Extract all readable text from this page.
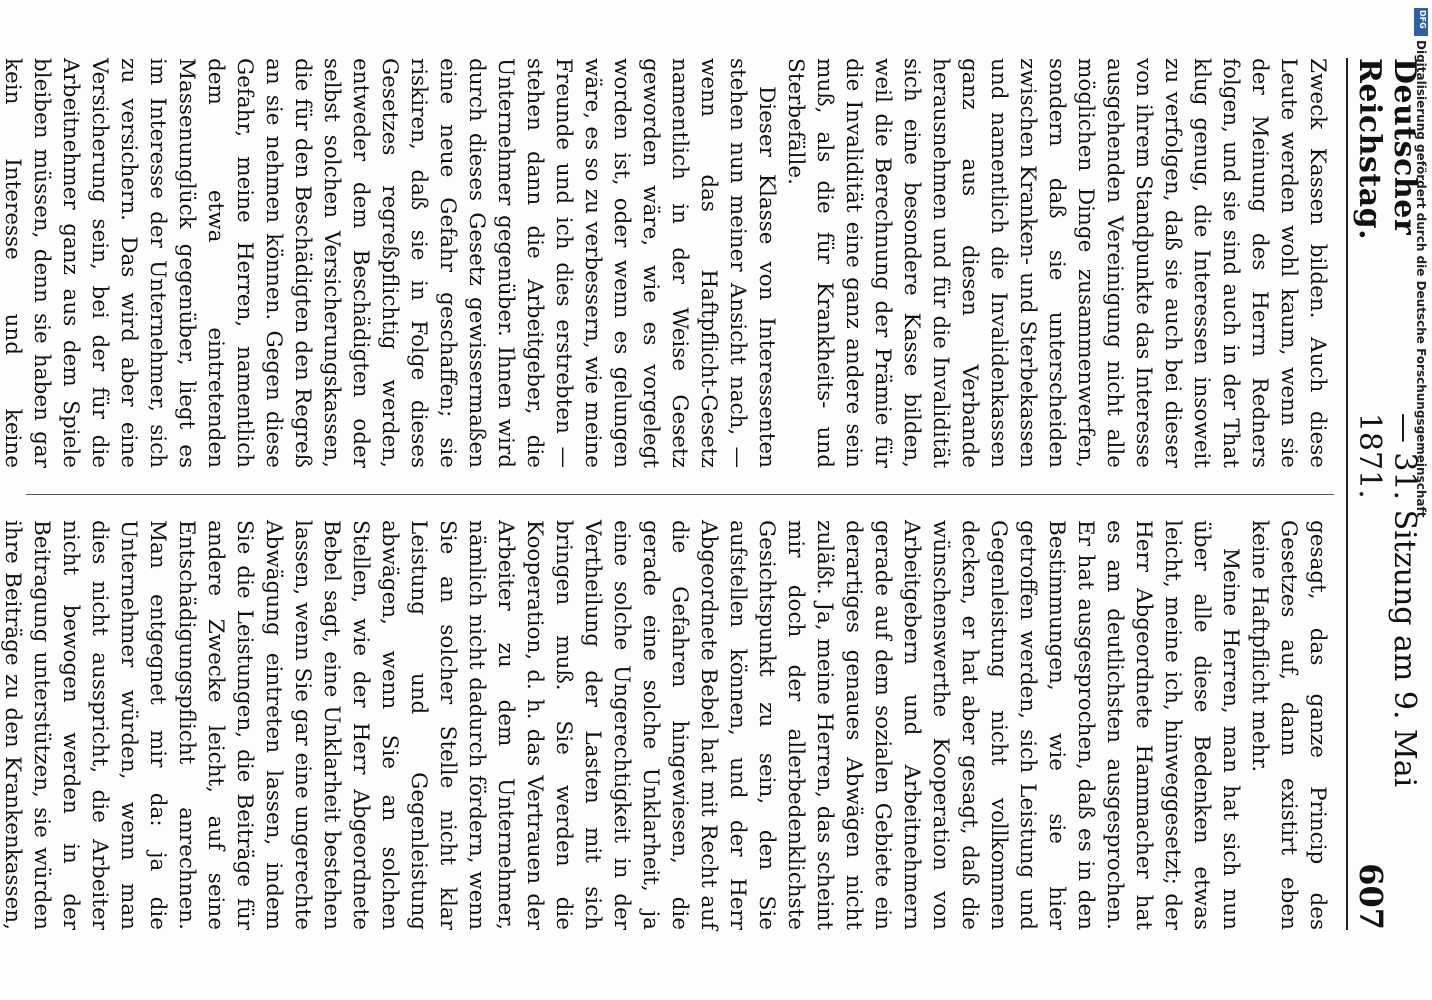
Deutscher Reichstag.
— 31. Sitzung am 9. Mai 1871.
607

Zweck Kassen bilden. Auch diese Leute werden wohl kaum, wenn sie der Meinung des Herrn Redners folgen, und sie sind auch in der That klug genug, die Interessen insoweit zu verfolgen, daß sie auch bei dieser von ihrem Standpunkte das Interesse ausgehenden Vereinigung nicht alle möglichen Dinge zusammenwerfen, sondern daß sie unterscheiden zwischen Kranken- und Sterbekassen und namentlich die Invalidenkassen ganz aus diesen Verbande herausnehmen und für die Invalidität sich eine besondere Kasse bilden, weil die Berechnung der Prämie für die Invalidität eine ganz andere sein muß, als die für Krankheits- und Sterbefälle.

Dieser Klasse von Interessenten stehen nun meiner Ansicht nach, — wenn das Haftpflicht-Gesetz namentlich in der Weise Gesetz geworden wäre, wie es vorgelegt worden ist, oder wenn es gelungen wäre, es so zu verbessern, wie meine Freunde und ich dies erstrebten — stehen dann die Arbeitgeber, die Unternehmer gegenüber. Ihnen wird durch dieses Gesetz gewissermaßen eine neue Gefahr geschaffen; sie riskiren, daß sie in Folge dieses Gesetzes regreßpflichtig werden, entweder dem Beschädigten oder selbst solchen Versicherungskassen, die für den Beschädigten den Regreß an sie nehmen können. Gegen diese Gefahr, meine Herren, namentlich dem etwa eintretenden Massenunglück gegenüber, liegt es im Interesse der Unternehmer, sich zu versichern. Das wird aber eine Versicherung sein, bei der für die Arbeitnehmer ganz aus dem Spiele bleiben müssen, denn sie haben gar kein Interesse und keine

gesagt, das ganze Princip des Gesetzes auf, dann existirt eben keine Haftpflicht mehr.

Meine Herren, man hat sich nun über alle diese Bedenken etwas leicht, meine ich, hinweggesetzt; der Herr Abgeordnete Hammacher hat es am deutlichsten ausgesprochen. Er hat ausgesprochen, daß es in den Bestimmungen, wie sie hier getroffen werden, sich Leistung und Gegenleistung nicht vollkommen decken, er hat aber gesagt, daß die wünschenswerthe Kooperation von Arbeitgebern und Arbeitnehmern gerade auf dem sozialen Gebiete ein derartiges genaues Abwägen nicht zuläßt. Ja, meine Herren, das scheint mir doch der allerbedenklichste Gesichtspunkt zu sein, den Sie aufstellen können, und der Herr Abgeordnete Bebel hat mit Recht auf die Gefahren hingewiesen, die gerade eine solche Unklarheit, ja eine solche Ungerechtigkeit in der Vertheilung der Lasten mit sich bringen muß. Sie werden die Kooperation, d. h. das Vertrauen der Arbeiter zu dem Unternehmer, nämlich nicht dadurch fördern, wenn Sie an solcher Stelle nicht klar Leistung und Gegenleistung abwägen, wenn Sie an solchen Stellen, wie der Herr Abgeordnete Bebel sagt, eine Unklarheit bestehen lassen, wenn Sie gar eine ungerechte Abwägung eintreten lassen, indem Sie die Leistungen, die Beiträge für andere Zwecke leicht, auf seine Entschädigungspflicht anrechnen. Man entgegnet mir da: ja die Unternehmer würden, wenn man dies nicht ausspricht, die Arbeiter nicht bewogen werden in der Beitragung unterstützen, sie würden ihre Beiträge zu den Krankenkassen,

Digitalisierung gefördert durch die Deutsche Forschungsgemeinschaft
DFG
